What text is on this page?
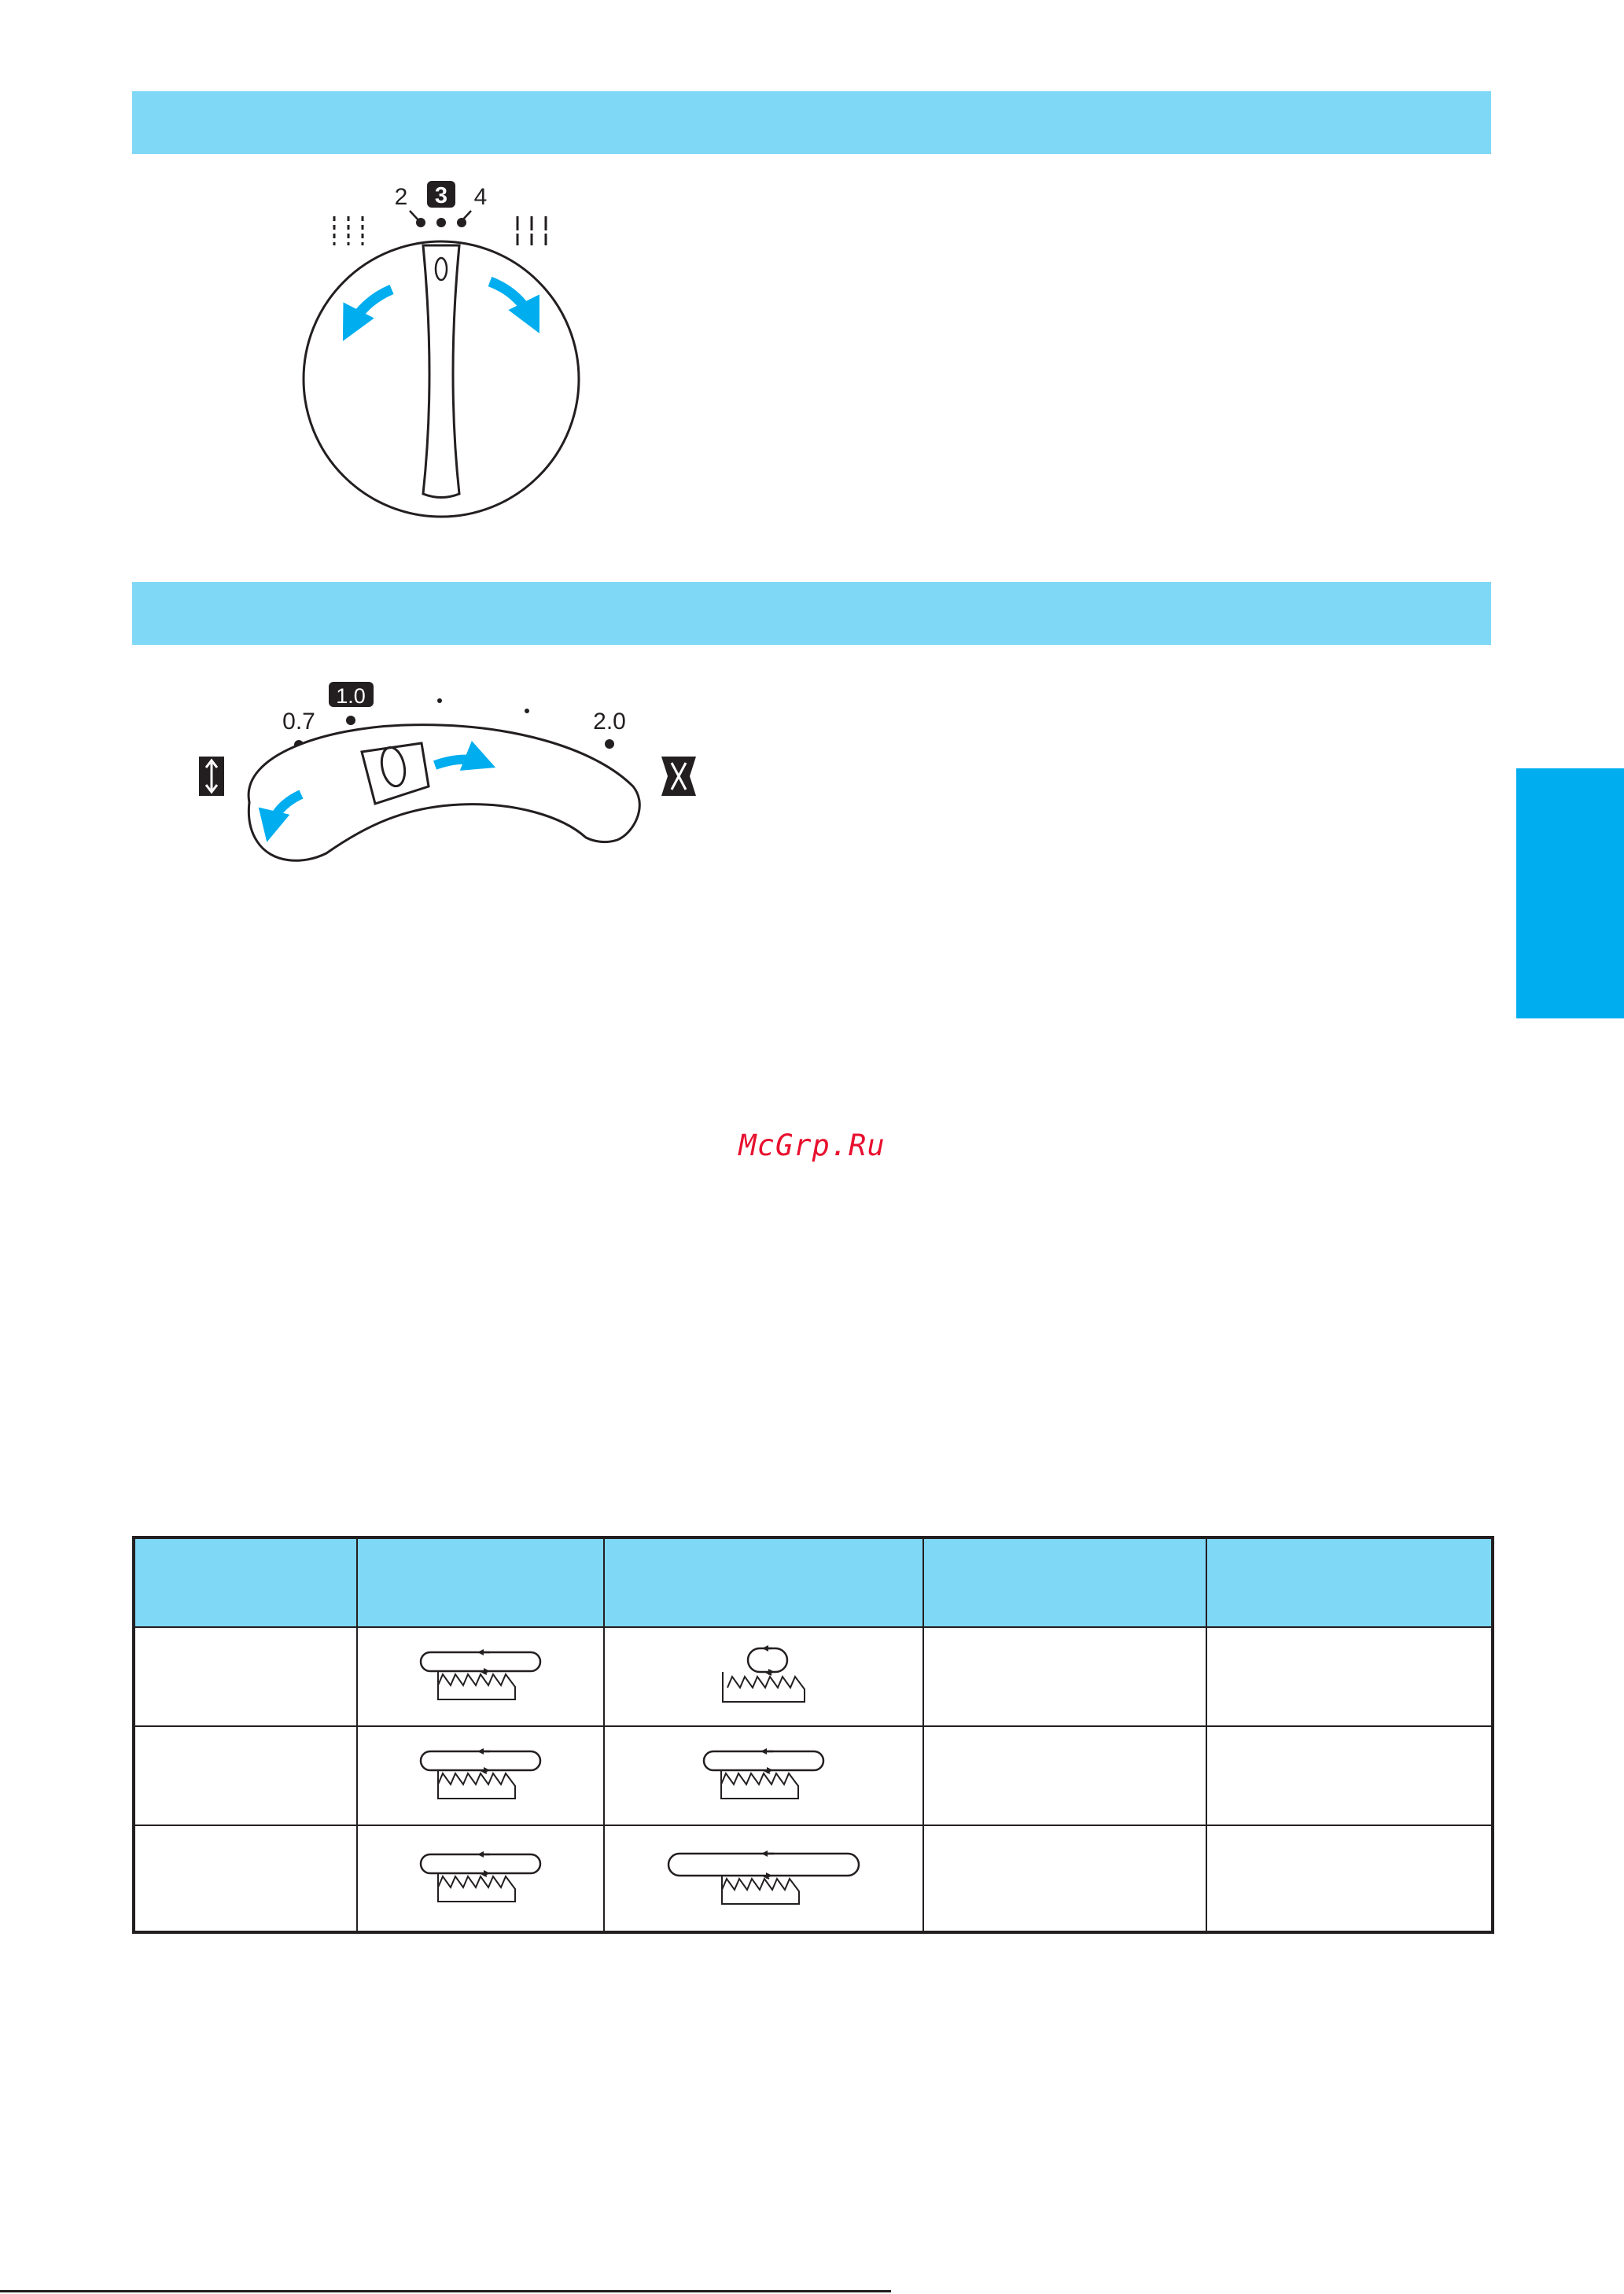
2 3 4
0.7
1.0
2.0
McGrp.Ru
